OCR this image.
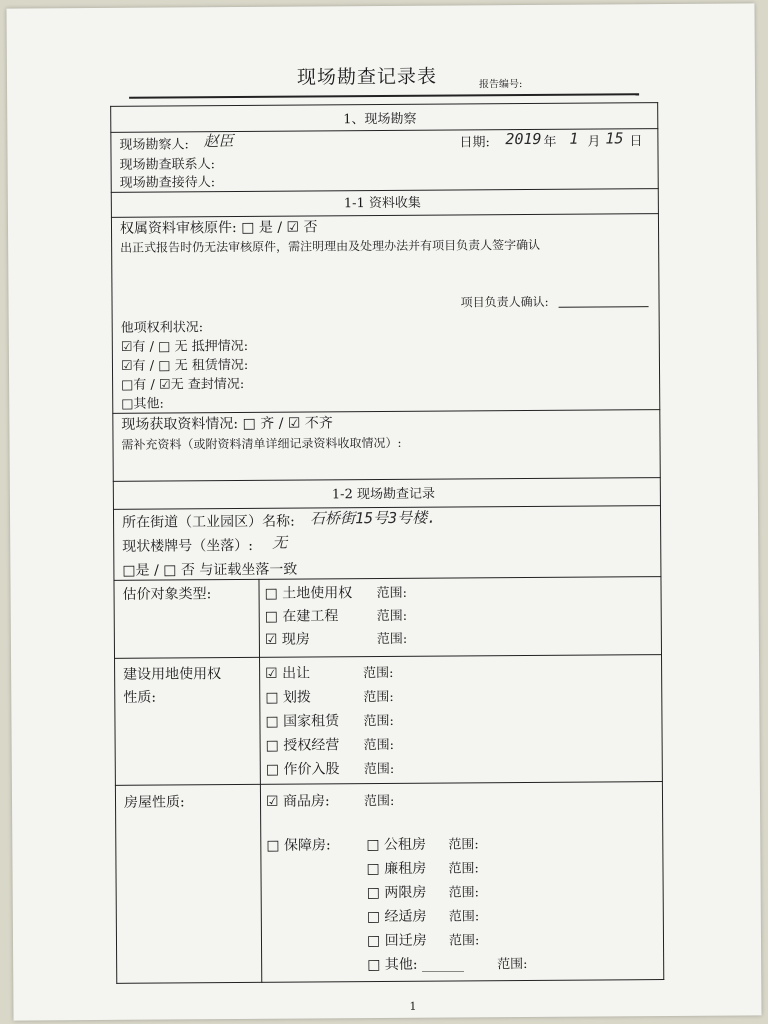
现场勘查记录表	报告编号:
1、现场勘察
现场勘察人: 赵臣	日期: 2019 年 1 月 15 日
现场勘查联系人:
现场勘查接待人:
1-1 资料收集
权属资料审核原件: □ 是 / ☑ 否
出正式报告时仍无法审核原件，需注明理由及处理办法并有项目负责人签字确认
项目负责人确认:
他项权利状况:
☑有 / □ 无 抵押情况:
☑有 / □ 无 租赁情况:
□有 / ☑无 查封情况:
□其他:
现场获取资料情况: □ 齐 / ☑ 不齐
需补充资料（或附资料清单详细记录资料收取情况）:
1-2 现场勘查记录
所在街道（工业园区）名称: 石桥街15号3号楼.
现状楼牌号（坐落）: 无
□是 / □ 否 与证载坐落一致
估价对象类型:	□ 土地使用权 范围:
□ 在建工程	范围:
☑ 现房	范围:
建设用地使用权
性质:
☑ 出让	范围:
□ 划拨	范围:
□ 国家租赁 范围:
□ 授权经营 范围:
□ 作价入股 范围:
房屋性质:	☑ 商品房:	范围:
□ 保障房:	□ 公租房 范围:
□ 廉租房 范围:
□ 两限房 范围:
□ 经适房 范围:
□ 回迁房 范围:
□ 其他: ______	范围:
1
